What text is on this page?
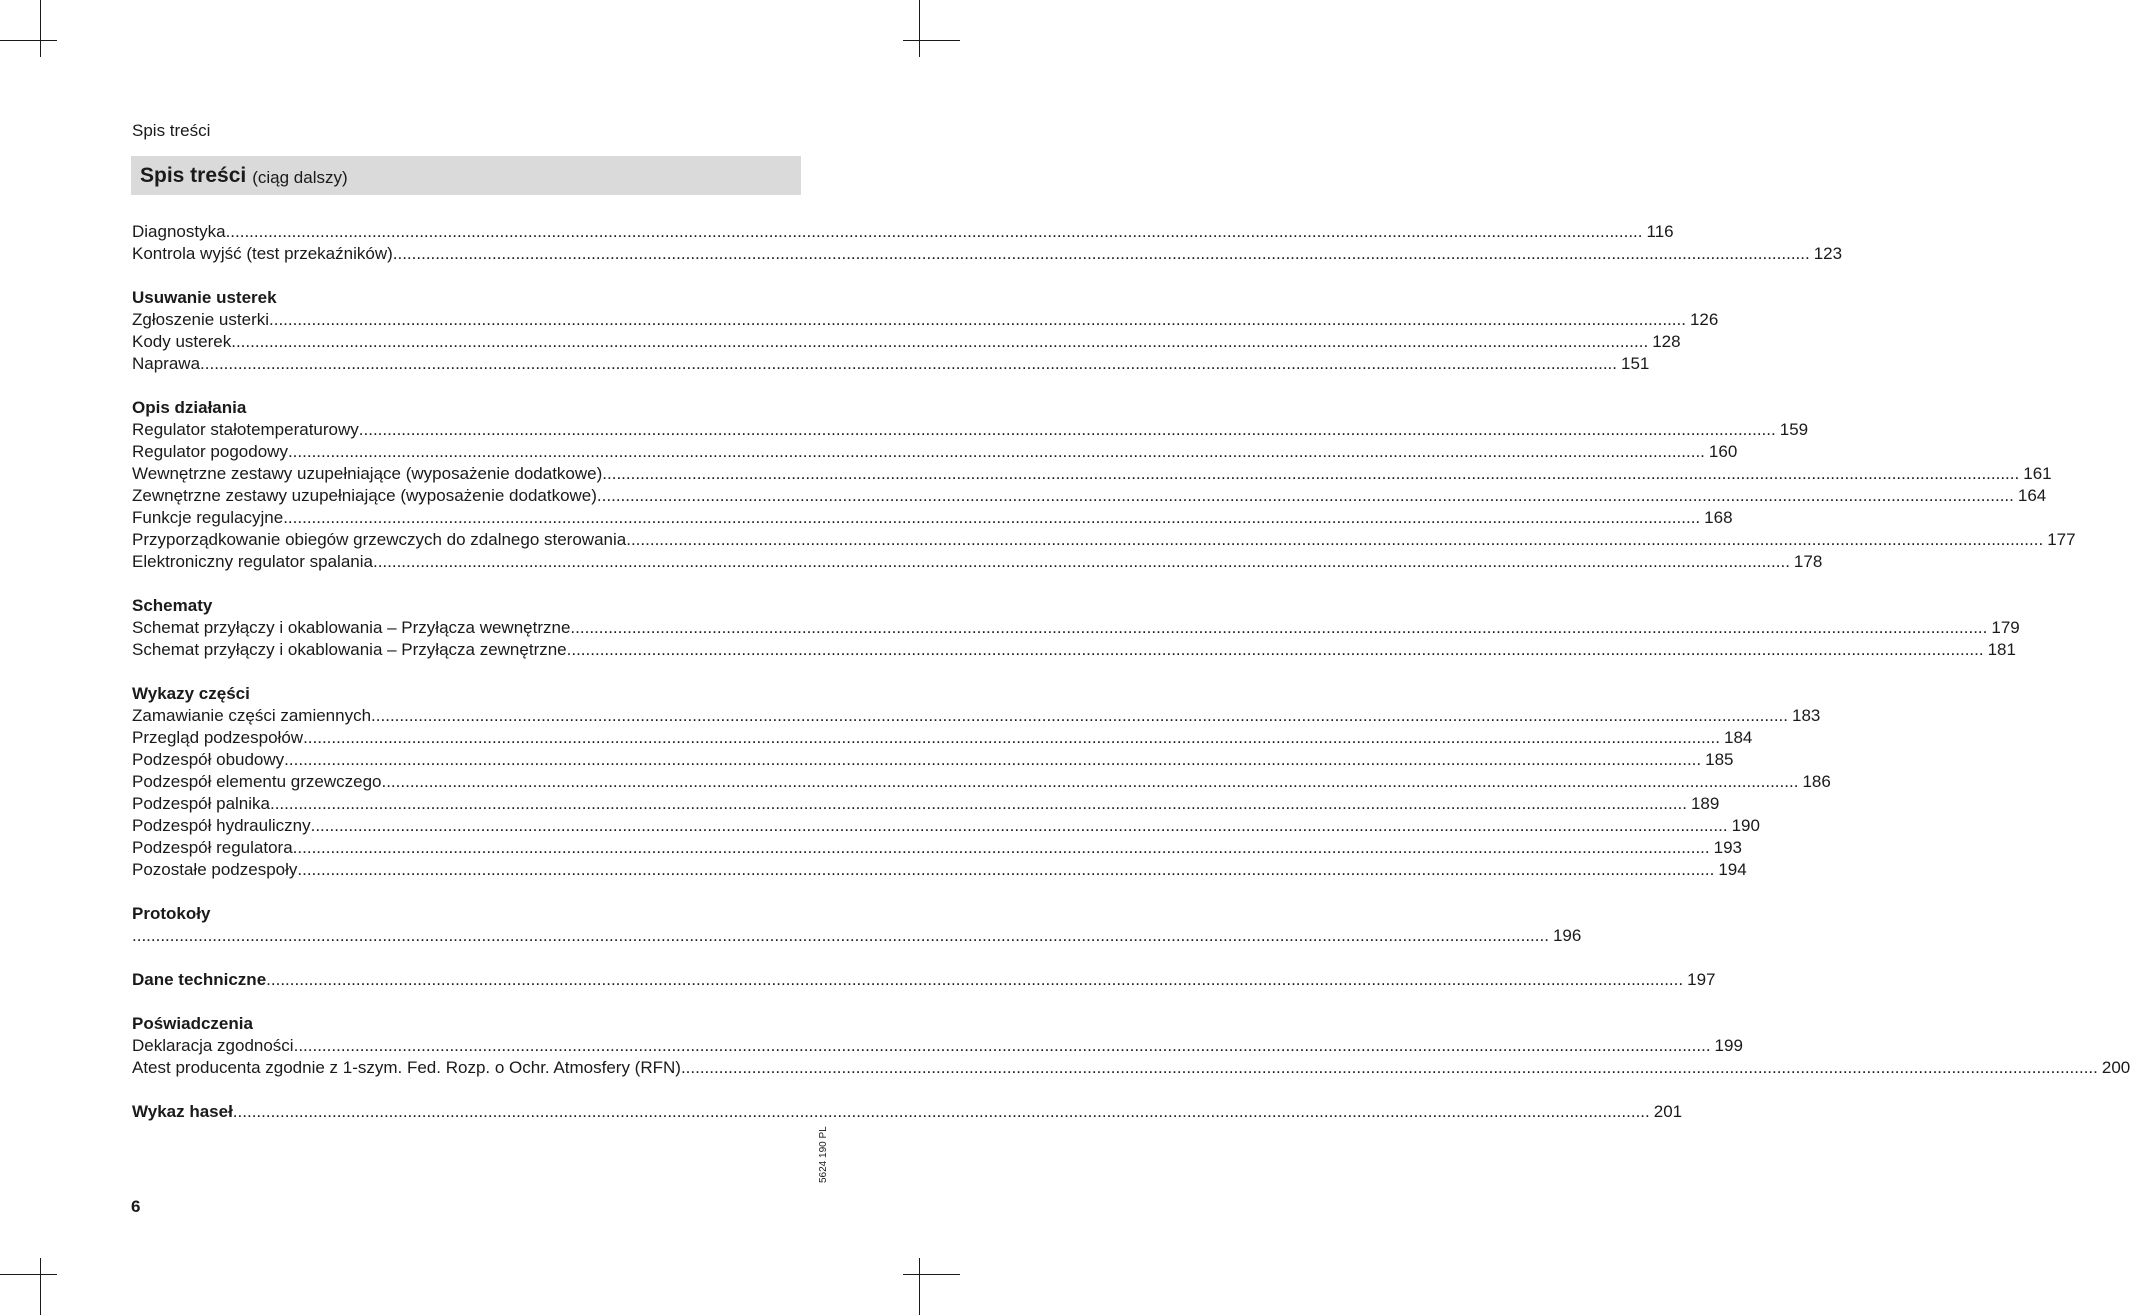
Spis treści
Spis treści (ciąg dalszy)
Diagnostyka ............................................................................................................................................................................................................................................................................................................ 116
Kontrola wyjść (test przekaźników) ............................................................................................................................................................................................................................................................................................................ 123
Usuwanie usterek
Zgłoszenie usterki ............................................................................................................................................................................................................................................................................................................ 126
Kody usterek ............................................................................................................................................................................................................................................................................................................ 128
Naprawa ............................................................................................................................................................................................................................................................................................................ 151
Opis działania
Regulator stałotemperaturowy ............................................................................................................................................................................................................................................................................................................ 159
Regulator pogodowy ............................................................................................................................................................................................................................................................................................................ 160
Wewnętrzne zestawy uzupełniające (wyposażenie dodatkowe) ............................................................................................................................................................................................................................................................................................................ 161
Zewnętrzne zestawy uzupełniające (wyposażenie dodatkowe) ............................................................................................................................................................................................................................................................................................................ 164
Funkcje regulacyjne ............................................................................................................................................................................................................................................................................................................ 168
Przyporządkowanie obiegów grzewczych do zdalnego sterowania ............................................................................................................................................................................................................................................................................................................ 177
Elektroniczny regulator spalania ............................................................................................................................................................................................................................................................................................................ 178
Schematy
Schemat przyłączy i okablowania – Przyłącza wewnętrzne ............................................................................................................................................................................................................................................................................................................ 179
Schemat przyłączy i okablowania – Przyłącza zewnętrzne ............................................................................................................................................................................................................................................................................................................ 181
Wykazy części
Zamawianie części zamiennych ............................................................................................................................................................................................................................................................................................................ 183
Przegląd podzespołów ............................................................................................................................................................................................................................................................................................................ 184
Podzespół obudowy ............................................................................................................................................................................................................................................................................................................ 185
Podzespół elementu grzewczego ............................................................................................................................................................................................................................................................................................................ 186
Podzespół palnika ............................................................................................................................................................................................................................................................................................................ 189
Podzespół hydrauliczny ............................................................................................................................................................................................................................................................................................................ 190
Podzespół regulatora ............................................................................................................................................................................................................................................................................................................ 193
Pozostałe podzespoły ............................................................................................................................................................................................................................................................................................................ 194
Protokoły
............................................................................................................................................................................................................................................................................................................ 196
Dane techniczne ............................................................................................................................................................................................................................................................................................................ 197
Poświadczenia
Deklaracja zgodności ............................................................................................................................................................................................................................................................................................................ 199
Atest producenta zgodnie z 1-szym. Fed. Rozp. o Ochr. Atmosfery (RFN) ............................................................................................................................................................................................................................................................................................................ 200
Wykaz haseł ............................................................................................................................................................................................................................................................................................................ 201
6
5624 190 PL
